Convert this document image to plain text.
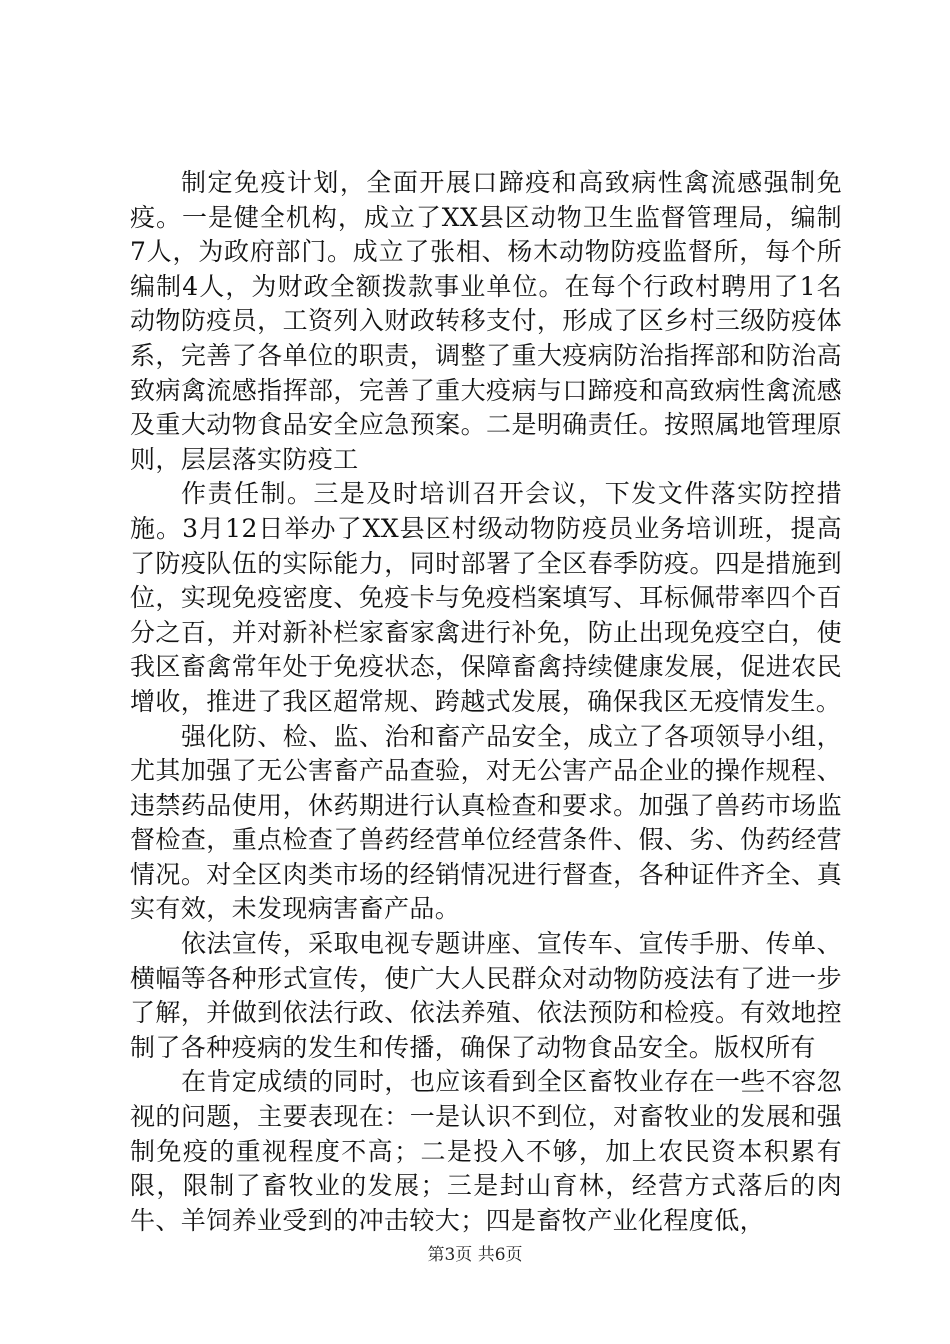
制定免疫计划，全面开展口蹄疫和高致病性禽流感强制免疫。一是健全机构，成立了XX县区动物卫生监督管理局，编制7人，为政府部门。成立了张相、杨木动物防疫监督所，每个所编制4人，为财政全额拨款事业单位。在每个行政村聘用了1名动物防疫员，工资列入财政转移支付，形成了区乡村三级防疫体系，完善了各单位的职责，调整了重大疫病防治指挥部和防治高致病禽流感指挥部，完善了重大疫病与口蹄疫和高致病性禽流感及重大动物食品安全应急预案。二是明确责任。按照属地管理原则，层层落实防疫工

作责任制。三是及时培训召开会议，下发文件落实防控措施。3月12日举办了XX县区村级动物防疫员业务培训班，提高了防疫队伍的实际能力，同时部署了全区春季防疫。四是措施到位，实现免疫密度、免疫卡与免疫档案填写、耳标佩带率四个百分之百，并对新补栏家畜家禽进行补免，防止出现免疫空白，使我区畜禽常年处于免疫状态，保障畜禽持续健康发展，促进农民增收，推进了我区超常规、跨越式发展，确保我区无疫情发生。

强化防、检、监、治和畜产品安全，成立了各项领导小组，尤其加强了无公害畜产品查验，对无公害产品企业的操作规程、违禁药品使用，休药期进行认真检查和要求。加强了兽药市场监督检查，重点检查了兽药经营单位经营条件、假、劣、伪药经营情况。对全区肉类市场的经销情况进行督查，各种证件齐全、真实有效，未发现病害畜产品。

依法宣传，采取电视专题讲座、宣传车、宣传手册、传单、横幅等各种形式宣传，使广大人民群众对动物防疫法有了进一步了解，并做到依法行政、依法养殖、依法预防和检疫。有效地控制了各种疫病的发生和传播，确保了动物食品安全。版权所有

在肯定成绩的同时，也应该看到全区畜牧业存在一些不容忽视的问题，主要表现在：一是认识不到位，对畜牧业的发展和强制免疫的重视程度不高；二是投入不够，加上农民资本积累有限，限制了畜牧业的发展；三是封山育林，经营方式落后的肉牛、羊饲养业受到的冲击较大；四是畜牧产业化程度低，

第3页 共6页
